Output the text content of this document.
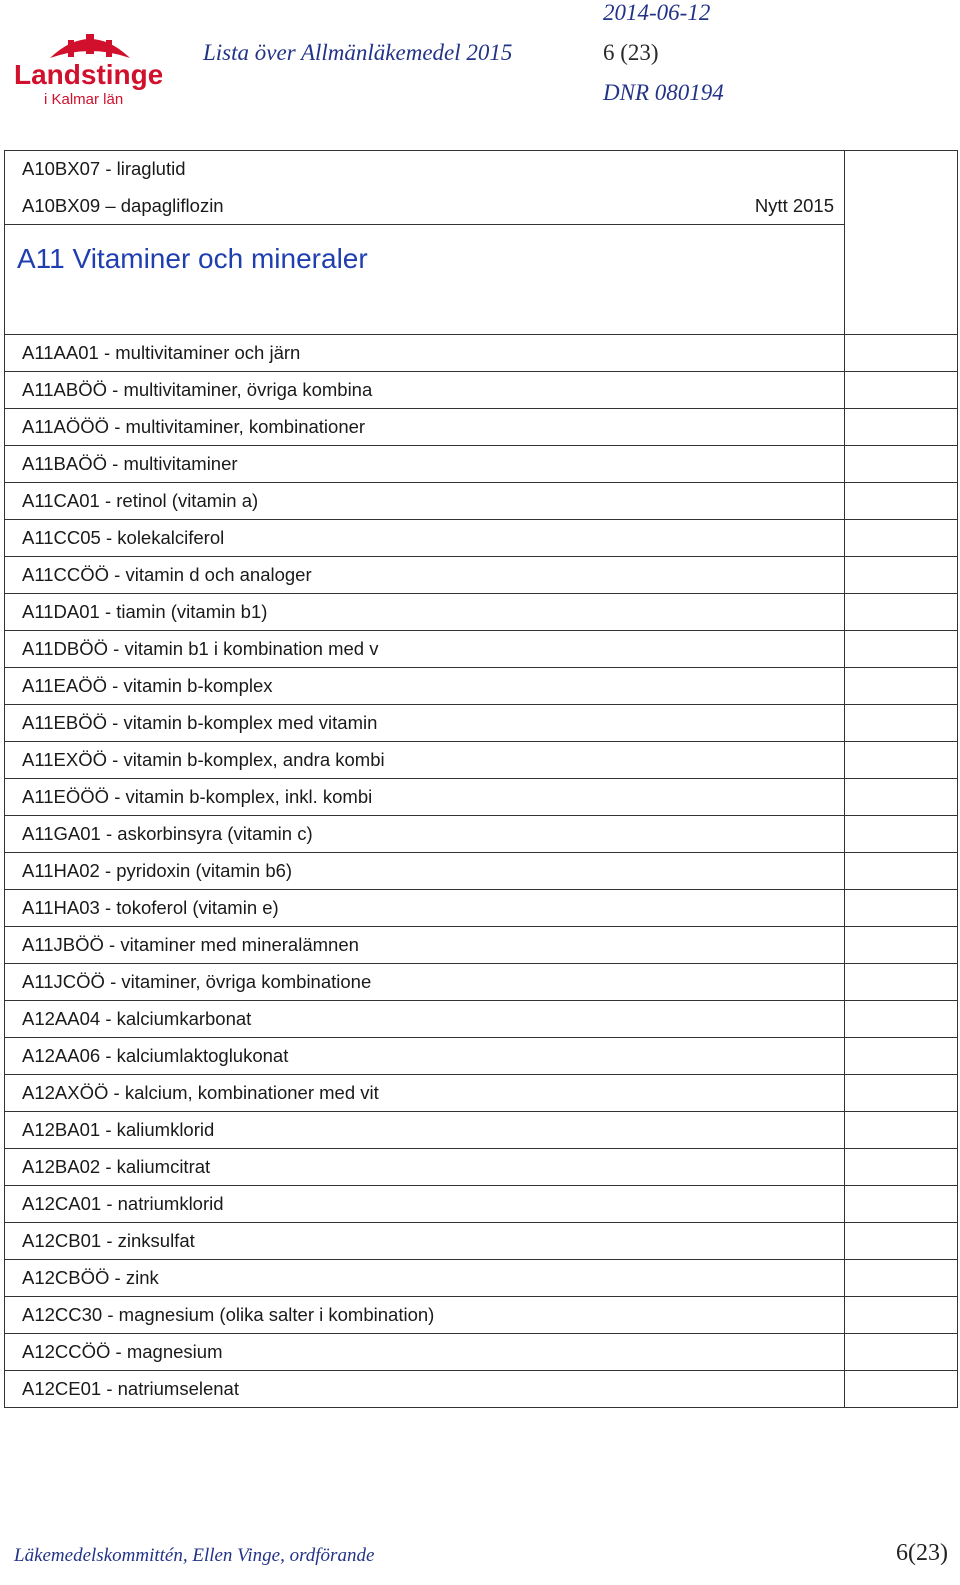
Landstinget
i Kalmar län
2014-06-12
Lista över Allmänläkemedel 2015	6 (23)
DNR 080194
A10BX07 - liraglutid	

A10BX09 – dapagliflozin Nytt 2015	

A11 Vitaminer och mineraler	
A11AA01 - multivitaminer och järn	
A11ABÖÖ - multivitaminer, övriga kombina	
A11AÖÖÖ - multivitaminer, kombinationer	
A11BAÖÖ - multivitaminer	
A11CA01 - retinol (vitamin a)	
A11CC05 - kolekalciferol	
A11CCÖÖ - vitamin d och analoger	
A11DA01 - tiamin (vitamin b1)	
A11DBÖÖ - vitamin b1 i kombination med v	
A11EAÖÖ - vitamin b-komplex	
A11EBÖÖ - vitamin b-komplex med vitamin	
A11EXÖÖ - vitamin b-komplex, andra kombi	
A11EÖÖÖ - vitamin b-komplex, inkl. kombi	
A11GA01 - askorbinsyra (vitamin c)	
A11HA02 - pyridoxin (vitamin b6)	
A11HA03 - tokoferol (vitamin e)	
A11JBÖÖ - vitaminer med mineralämnen	
A11JCÖÖ - vitaminer, övriga kombinatione	
A12AA04 - kalciumkarbonat	
A12AA06 - kalciumlaktoglukonat	
A12AXÖÖ - kalcium, kombinationer med vit	
A12BA01 - kaliumklorid	
A12BA02 - kaliumcitrat	
A12CA01 - natriumklorid	
A12CB01 - zinksulfat	
A12CBÖÖ - zink	
A12CC30 - magnesium (olika salter i kombination)	
A12CCÖÖ - magnesium	
A12CE01 - natriumselenat	
Läkemedelskommittén, Ellen Vinge, ordförande	6(23)
